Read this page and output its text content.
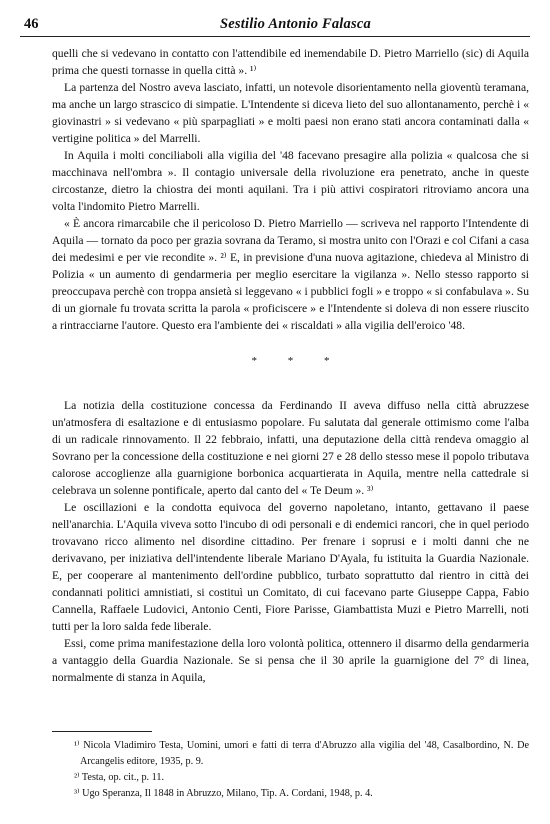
46	Sestilio Antonio Falasca

quelli che si vedevano in contatto con l'attendibile ed inemendabile D. Pietro Marriello (sic) di Aquila prima che questi tornasse in quella città ». ¹⁾

La partenza del Nostro aveva lasciato, infatti, un notevole disorientamento nella gioventù teramana, ma anche un largo strascico di simpatie. L'Intendente si diceva lieto del suo allontanamento, perchè i « giovinastri » si vedevano « più sparpagliati » e molti paesi non erano stati ancora contaminati dalla « vertigine politica » del Marrelli.

In Aquila i molti conciliaboli alla vigilia del '48 facevano presagire alla polizia « qualcosa che si macchinava nell'ombra ». Il contagio universale della rivoluzione era penetrato, anche in queste circostanze, dietro la chiostra dei monti aquilani. Tra i più attivi cospiratori ritroviamo ancora una volta l'indomito Pietro Marrelli.

« È ancora rimarcabile che il pericoloso D. Pietro Marriello — scriveva nel rapporto l'Intendente di Aquila — tornato da poco per grazia sovrana da Teramo, si mostra unito con l'Orazi e col Cifani a casa dei medesimi e per vie recondite ». ²⁾ E, in previsione d'una nuova agitazione, chiedeva al Ministro di Polizia « un aumento di gendarmeria per meglio esercitare la vigilanza ». Nello stesso rapporto si preoccupava perchè con troppa ansietà si leggevano « i pubblici fogli » e troppo « si confabulava ». Su di un giornale fu trovata scritta la parola « proficiscere » e l'Intendente si doleva di non essere riuscito a rintracciarne l'autore. Questo era l'ambiente dei « riscaldati » alla vigilia dell'eroico '48.

* * *

La notizia della costituzione concessa da Ferdinando II aveva diffuso nella città abruzzese un'atmosfera di esaltazione e di entusiasmo popolare. Fu salutata dal generale ottimismo come l'alba di un radicale rinnovamento. Il 22 febbraio, infatti, una deputazione della città rendeva omaggio al Sovrano per la concessione della costituzione e nei giorni 27 e 28 dello stesso mese il popolo tributava calorose accoglienze alla guarnigione borbonica acquartierata in Aquila, mentre nella cattedrale si celebrava un solenne pontificale, aperto dal canto del « Te Deum ». ³⁾

Le oscillazioni e la condotta equivoca del governo napoletano, intanto, gettavano il paese nell'anarchia. L'Aquila viveva sotto l'incubo di odi personali e di endemici rancori, che in quel periodo trovavano ricco alimento nel disordine cittadino. Per frenare i soprusi e i molti danni che ne derivavano, per iniziativa dell'intendente liberale Mariano D'Ayala, fu istituita la Guardia Nazionale. E, per cooperare al mantenimento dell'ordine pubblico, turbato soprattutto dal rientro in città dei condannati politici amnistiati, si costituì un Comitato, di cui facevano parte Giuseppe Cappa, Fabio Cannella, Raffaele Ludovici, Antonio Centi, Fiore Parisse, Giambattista Muzi e Pietro Marrelli, noti tutti per la loro salda fede liberale.

Essi, come prima manifestazione della loro volontà politica, ottennero il disarmo della gendarmeria a vantaggio della Guardia Nazionale. Se si pensa che il 30 aprile la guarnigione del 7° di linea, normalmente di stanza in Aquila,

¹⁾ Nicola Vladimiro Testa, Uomini, umori e fatti di terra d'Abruzzo alla vigilia del '48, Casalbordino, N. De Arcangelis editore, 1935, p. 9.

²⁾ Testa, op. cit., p. 11.

³⁾ Ugo Speranza, Il 1848 in Abruzzo, Milano, Tip. A. Cordani, 1948, p. 4.
